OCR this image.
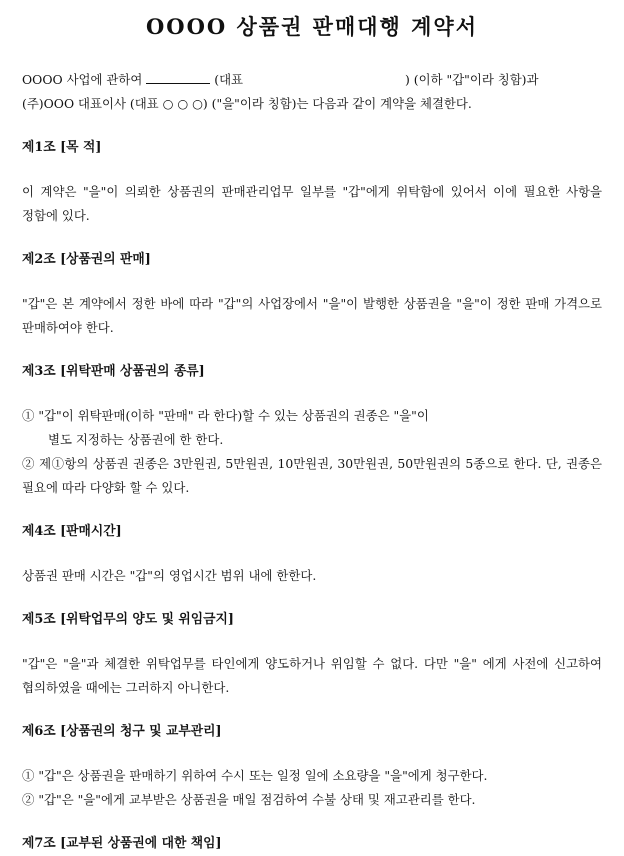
OOOO 상품권 판매대행 계약서

OOOO 사업에 관하여	(대표	) (이하 "갑"이라 칭함)과

(주)OOO 대표이사 (대표 ○ ○ ○) ("을"이라 칭함)는 다음과 같이 계약을 체결한다.

제1조 [목 적]

이 계약은 "을"이 의뢰한 상품권의 판매관리업무 일부를 "갑"에게 위탁함에 있어서 이에 필요한 사항을 정함에 있다.

제2조 [상품권의 판매]

"갑"은 본 계약에서 정한 바에 따라 "갑"의 사업장에서 "을"이 발행한 상품권을 "을"이 정한 판매 가격으로 판매하여야 한다.

제3조 [위탁판매 상품권의 종류]

① "갑"이 위탁판매(이하 "판매" 라 한다)할 수 있는 상품권의 권종은 "을"이

별도 지정하는 상품권에 한 한다.

② 제①항의 상품권 권종은 3만원권, 5만원권, 10만원권, 30만원권, 50만원권의 5종으로 한다. 단, 권종은 필요에 따라 다양화 할 수 있다.

제4조 [판매시간]

상품권 판매 시간은 "갑"의 영업시간 범위 내에 한한다.

제5조 [위탁업무의 양도 및 위임금지]

"갑"은 "을"과 체결한 위탁업무를 타인에게 양도하거나 위임할 수 없다. 다만 "을" 에게 사전에 신고하여 협의하였을 때에는 그러하지 아니한다.

제6조 [상품권의 청구 및 교부관리]

① "갑"은 상품권을 판매하기 위하여 수시 또는 일정 일에 소요량을 "을"에게 청구한다.

② "갑"은 "을"에게 교부받은 상품권을 매일 점검하여 수불 상태 및 재고관리를 한다.

제7조 [교부된 상품권에 대한 책임]
